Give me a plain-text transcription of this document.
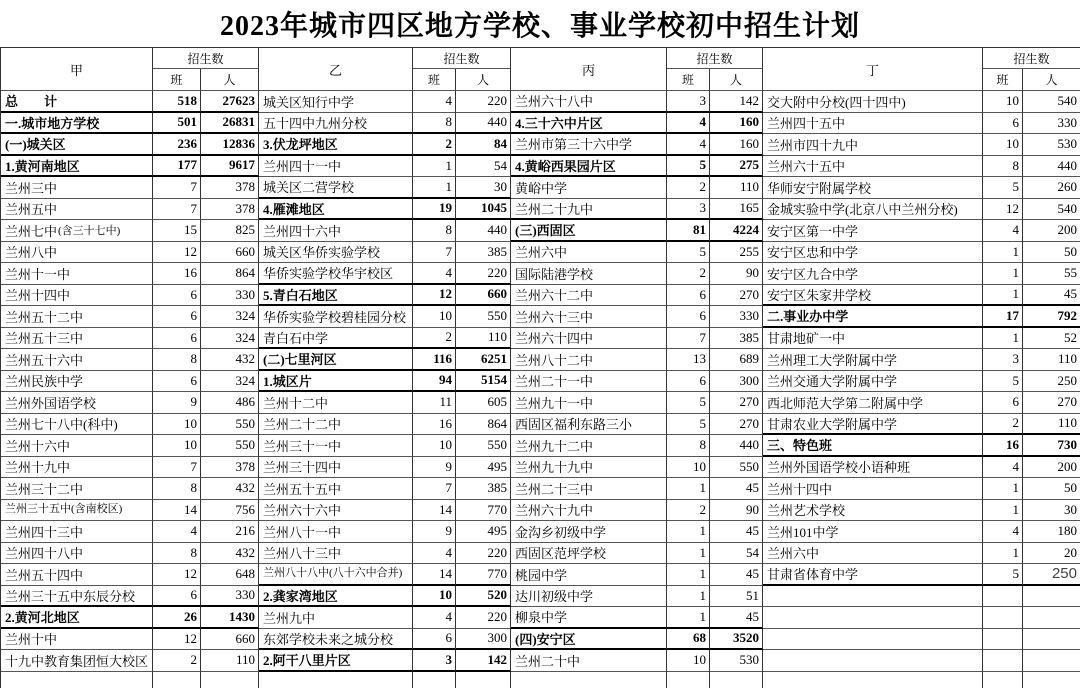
2023年城市四区地方学校、事业学校初中招生计划
甲
招生数
班	人
乙
招生数
班	人
丙
招生数
班	人
丁
招生数
班	人
总　　计	518	27623 城关区知行中学	4	220 兰州六十八中	3	142 交大附中分校(四十四中)	10	540
一.城市地方学校	501	26831 五十四中九州分校	8	440 4.三十六中片区	4	160 兰州四十五中	6	330
(一)城关区	236	12836 3.伏龙坪地区	2	84 兰州市第三十六中学	4	160 兰州市四十九中	10	530
1.黄河南地区	177	9617 兰州四十一中	1	54 4.黄峪西果园片区	5	275 兰州六十五中	8	440
兰州三中	7	378 城关区二营学校	1	30 黄峪中学	2	110 华师安宁附属学校	5	260
兰州五中	7	378 4.雁滩地区	19	1045 兰州二十九中	3	165 金城实验中学(北京八中兰州分校)	12	540
兰州七中 (含三十七中)	15	825 兰州四十六中	8	440 (三)西固区	81	4224 安宁区第一中学	4	200
兰州八中	12	660 城关区华侨实验学校	7	385 兰州六中	5	255 安宁区忠和中学	1	50
兰州十一中	16	864 华侨实验学校华宇校区	4	220 国际陆港学校	2	90 安宁区九合中学	1	55
兰州十四中	6	330 5.青白石地区	12	660 兰州六十二中	6	270 安宁区朱家井学校	1	45
兰州五十二中	6	324 华侨实验学校碧桂园分校	10	550 兰州六十三中	6	330 二.事业办中学	17	792
兰州五十三中	6	324 青白石中学	2	110 兰州六十四中	7	385 甘肃地矿一中	1	52
兰州五十六中	8	432 (二)七里河区	116	6251 兰州八十二中	13	689 兰州理工大学附属中学	3	110
兰州民族中学	6	324 1.城区片	94	5154 兰州二十一中	6	300 兰州交通大学附属中学	5	250
兰州外国语学校	9	486 兰州十二中	11	605 兰州九十一中	5	270 西北师范大学第二附属中学	6	270
兰州七十八中(科中)	10	550 兰州二十二中	16	864 西固区福利东路三小	5	270 甘肃农业大学附属中学	2	110
兰州十六中	10	550 兰州三十一中	10	550 兰州九十二中	8	440 三、特色班	16	730
兰州十九中	7	378 兰州三十四中	9	495 兰州九十九中	10	550 兰州外国语学校小语种班	4	200
兰州三十二中	8	432 兰州五十五中	7	385 兰州二十三中	1	45 兰州十四中	1	50
兰州三十五中(含南校区)	14	756 兰州六十六中	14	770 兰州六十九中	2	90 兰州艺术学校	1	30
兰州四十三中	4	216 兰州八十一中	9	495 金沟乡初级中学	1	45 兰州101中学	4	180
兰州四十八中	8	432 兰州八十三中	4	220 西固区范坪学校	1	54 兰州六中	1	20
兰州五十四中	12	648 兰州八十八中(八十六中合并)	14	770 桃园中学	1	45 甘肃省体育中学	5	250
兰州三十五中东辰分校	6	330 2.龚家湾地区	10	520 达川初级中学	1	51
2.黄河北地区	26	1430 兰州九中	4	220 柳泉中学	1	45
兰州十中	12	660 东郊学校未来之城分校	6	300 (四)安宁区	68	3520
十九中教育集团恒大校区	2	110 2.阿干八里片区	3	142 兰州二十中	10	530
